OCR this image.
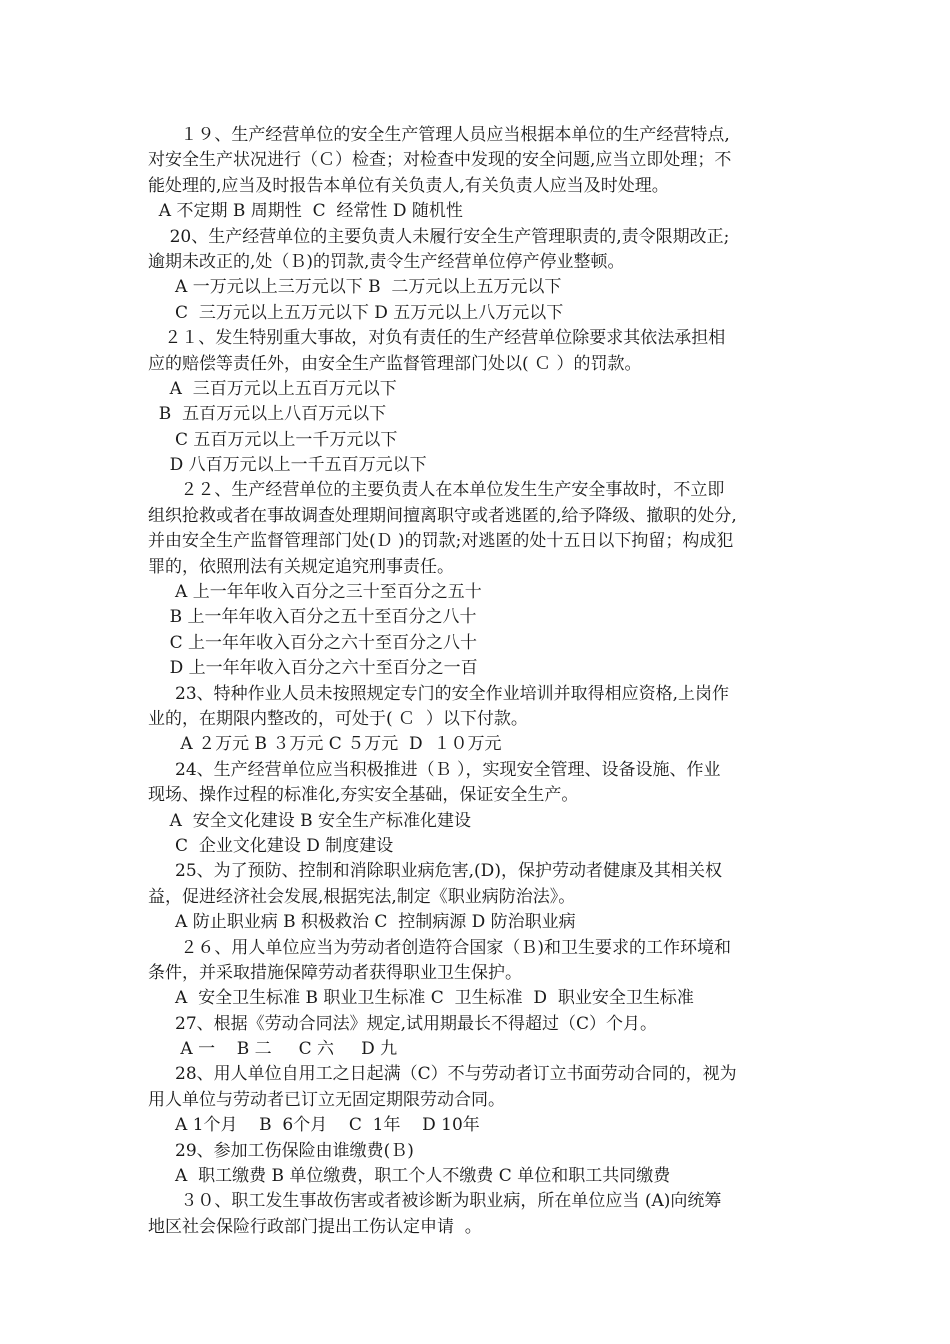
１９、生产经营单位的安全生产管理人员应当根据本单位的生产经营特点,
对安全生产状况进行（Ｃ）检查；对检查中发现的安全问题,应当立即处理；不
能处理的,应当及时报告本单位有关负责人,有关负责人应当及时处理。
A 不定期 B 周期性  C  经常性 D 随机性
20、生产经营单位的主要负责人未履行安全生产管理职责的,责令限期改正;
逾期未改正的,处（Ｂ)的罚款,责令生产经营单位停产停业整顿。
A 一万元以上三万元以下 B  二万元以上五万元以下
C  三万元以上五万元以下 D 五万元以上八万元以下
２１、发生特别重大事故，对负有责任的生产经营单位除要求其依法承担相
应的赔偿等责任外，由安全生产监督管理部门处以( Ｃ ）的罚款。
A  三百万元以上五百万元以下
B  五百万元以上八百万元以下
C 五百万元以上一千万元以下
D 八百万元以上一千五百万元以下
２２、生产经营单位的主要负责人在本单位发生生产安全事故时，不立即
组织抢救或者在事故调查处理期间擅离职守或者逃匿的,给予降级、撤职的处分,
并由安全生产监督管理部门处(Ｄ )的罚款;对逃匿的处十五日以下拘留；构成犯
罪的，依照刑法有关规定追究刑事责任。
A 上一年年收入百分之三十至百分之五十
B 上一年年收入百分之五十至百分之八十
C 上一年年收入百分之六十至百分之八十
D 上一年年收入百分之六十至百分之一百
23、特种作业人员未按照规定专门的安全作业培训并取得相应资格,上岗作
业的，在期限内整改的，可处于( Ｃ  ）以下付款。
A ２万元 B ３万元 C ５万元  D  １０万元
24、生产经营单位应当积极推进（Ｂ ），实现安全管理、设备设施、作业
现场、操作过程的标准化,夯实安全基础，保证安全生产。
A  安全文化建设 B 安全生产标准化建设
C  企业文化建设 D 制度建设
25、为了预防、控制和消除职业病危害,(D)，保护劳动者健康及其相关权
益，促进经济社会发展,根据宪法,制定《职业病防治法》。
A 防止职业病 B 积极救治 C  控制病源 D 防治职业病
２６、用人单位应当为劳动者创造符合国家（Ｂ)和卫生要求的工作环境和
条件，并采取措施保障劳动者获得职业卫生保护。
A  安全卫生标准 B 职业卫生标准 C  卫生标准  D  职业安全卫生标准
27、根据《劳动合同法》规定,试用期最长不得超过（C）个月。
A 一    B 二     C 六     D 九
28、用人单位自用工之日起满（C）不与劳动者订立书面劳动合同的，视为
用人单位与劳动者已订立无固定期限劳动合同。
A 1个月    B  6个月    C  1年    D 10年
29、参加工伤保险由谁缴费(Ｂ)
A  职工缴费 B 单位缴费，职工个人不缴费 C 单位和职工共同缴费
３０、职工发生事故伤害或者被诊断为职业病，所在单位应当 (A)向统筹
地区社会保险行政部门提出工伤认定申请  。
